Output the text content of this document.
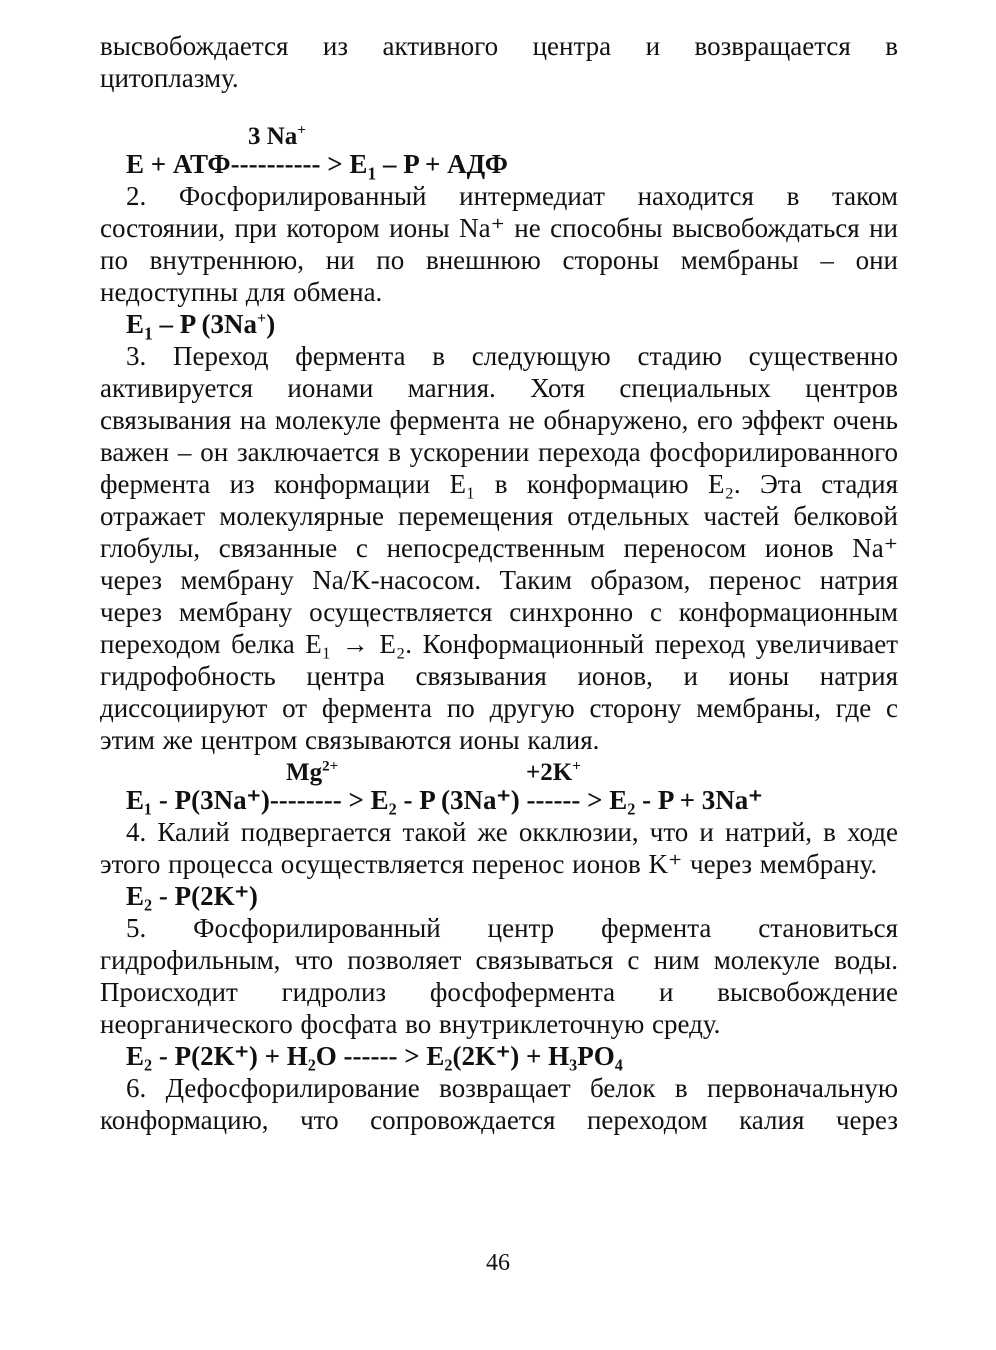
высвобождается из активного центра и возвращается в
цитоплазму.

3 Na+

$E + АТФ---------- > E_1 - P$ + АДФ
2. Фосфорилированный интермедиат находится в таком состоянии, при котором ионы Na⁺ не способны высвобождаться ни по внутреннюю, ни по внешнюю стороны мембраны – они недоступны для обмена.
$E_1$ – P (3Na+)
3. Переход фермента в следующую стадию существенно активируется ионами магния. Хотя специальных центров связывания на молекуле фермента не обнаружено, его эффект очень важен – он заключается в ускорении перехода фосфорилированного фермента из конформации E₁ в конформацию E₂. Эта стадия отражает молекулярные перемещения отдельных частей белковой глобулы, связанные с непосредственным переносом ионов Na⁺ через мембрану Na/K-насосом. Таким образом, перенос натрия через мембрану осуществляется синхронно с конформационным переходом белка E₁ → E₂. Конформационный переход увеличивает гидрофобность центра связывания ионов, и ионы натрия диссоциируют от фермента по другую сторону мембраны, где с этим же центром связываются ионы калия.

$Mg^{2+}$

	+2K+

E₁ - P(3Na⁺)-------- > E₂ - P (3Na⁺) ------ > E₂ - P + 3Na⁺
4. Калий подвергается такой же окклюзии, что и натрий, в ходе этого процесса осуществляется перенос ионов K⁺ через мембрану.
E₂ - P(2K⁺)
5. Фосфорилированный центр фермента становиться гидрофильным, что позволяет связываться с ним молекуле воды. Происходит гидролиз фосфофермента и высвобождение неорганического фосфата во внутриклеточную среду.
E₂ - P(2K⁺) + H₂O ------ > E₂(2K⁺) + H₃PO₄
6. Дефосфорилирование возвращает белок в первоначальную конформацию, что сопровождается переходом калия через
46
